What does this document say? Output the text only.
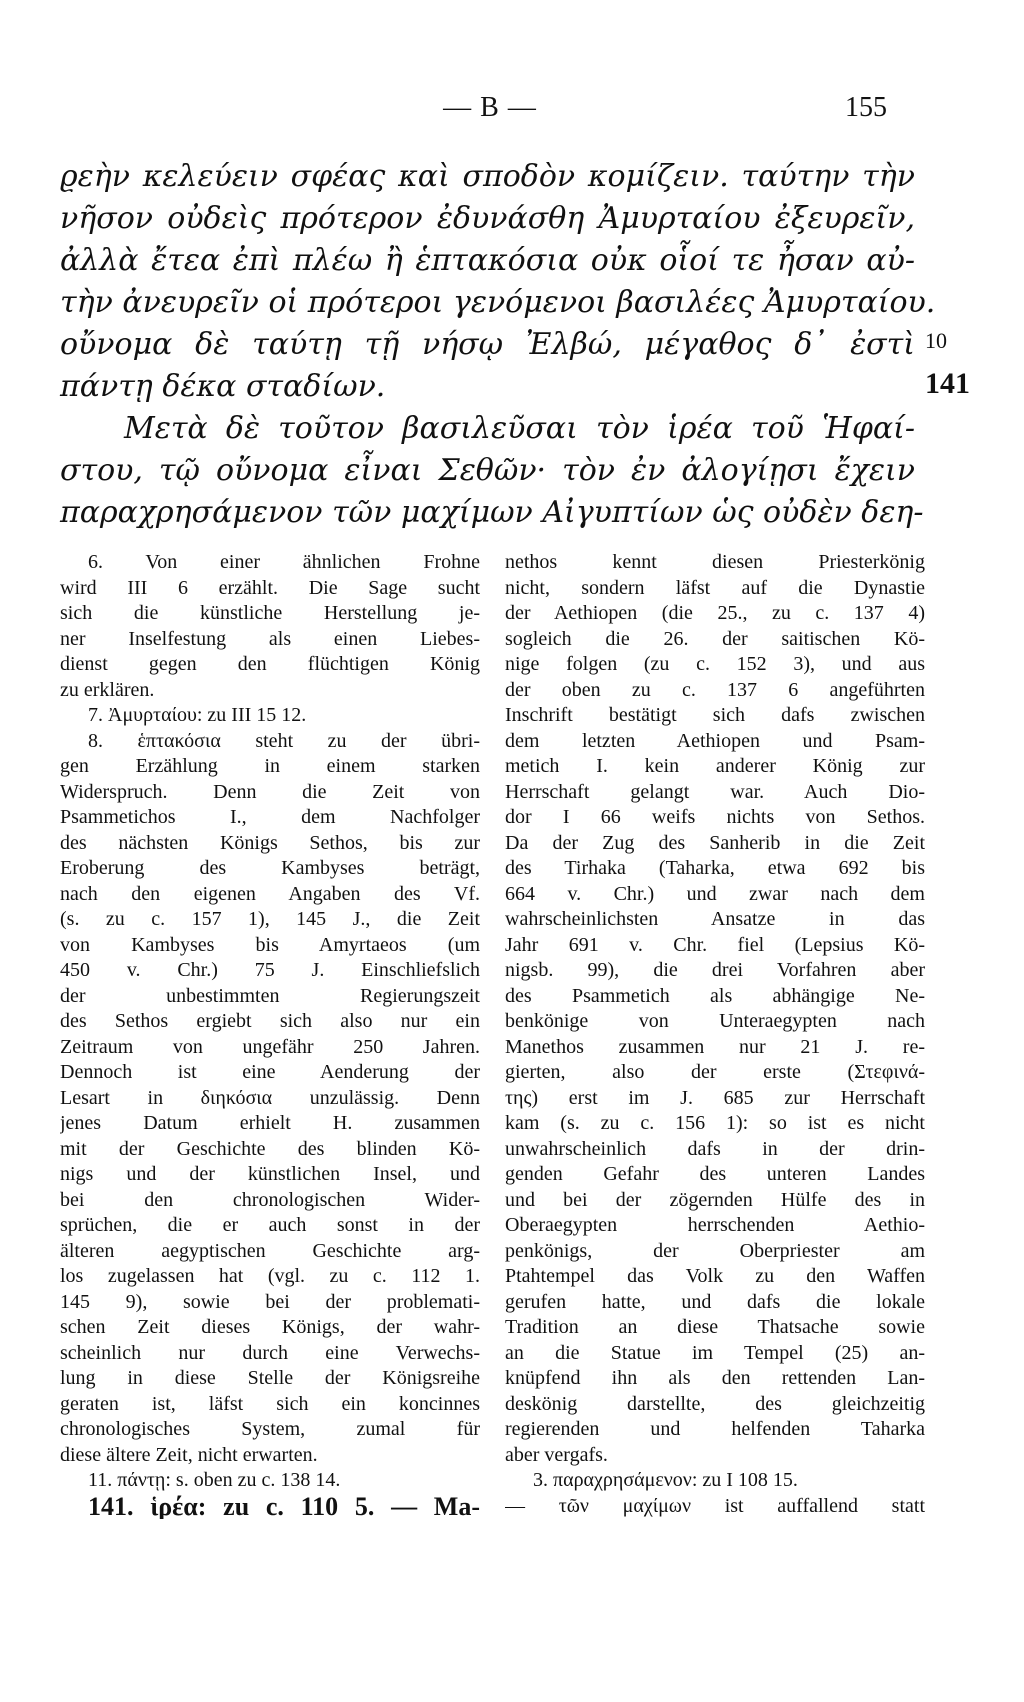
— B —	155
ϱεὴν κελεύειν σφέας καὶ σποδὸν κομίζειν. ταύτην τὴν
νῆσον οὐδεὶς πρότερον ἐδυνάσθη Ἀμυρταίου ἐξευρεῖν,
ἀλλὰ ἔτεα ἐπὶ πλέω ἢ ἑπτακόσια οὐκ οἷοί τε ἦσαν αὐ-
τὴν ἀνευρεῖν οἱ πρότεροι γενόμενοι βασιλέες Ἀμυρταίου.
οὔνομα δὲ ταύτῃ τῇ νήσῳ Ἐλβώ, μέγαθος δ᾽ ἐστὶ
πάντῃ δέκα σταδίων.
Μετὰ δὲ τοῦτον βασιλεῦσαι τὸν ἱρέα τοῦ Ἡφαί-
στου, τῷ οὔνομα εἶναι Σεθῶν· τὸν ἐν ἀλογίῃσι ἔχειν
παραχρησάμενον τῶν μαχίμων Αἰγυπτίων ὡς οὐδὲν δεη-
10
141
6. Von einer ähnlichen Frohne
wird III 6 erzählt. Die Sage sucht
sich die künstliche Herstellung je-
ner Inselfestung als einen Liebes-
dienst gegen den flüchtigen König
zu erklären.
7. Ἀμυρταίου: zu III 15 12.
8. ἑπτακόσια steht zu der übri-
gen Erzählung in einem starken
Widerspruch. Denn die Zeit von
Psammetichos I., dem Nachfolger
des nächsten Königs Sethos, bis zur
Eroberung des Kambyses beträgt,
nach den eigenen Angaben des Vf.
(s. zu c. 157 1), 145 J., die Zeit
von Kambyses bis Amyrtaeos (um
450 v. Chr.) 75 J. Einschliefslich
der unbestimmten Regierungszeit
des Sethos ergiebt sich also nur ein
Zeitraum von ungefähr 250 Jahren.
Dennoch ist eine Aenderung der
Lesart in διηκόσια unzulässig. Denn
jenes Datum erhielt H. zusammen
mit der Geschichte des blinden Kö-
nigs und der künstlichen Insel, und
bei den chronologischen Wider-
sprüchen, die er auch sonst in der
älteren aegyptischen Geschichte arg-
los zugelassen hat (vgl. zu c. 112 1.
145 9), sowie bei der problemati-
schen Zeit dieses Königs, der wahr-
scheinlich nur durch eine Verwechs-
lung in diese Stelle der Königsreihe
geraten ist, läfst sich ein koncinnes
chronologisches System, zumal für
diese ältere Zeit, nicht erwarten.
11. πάντῃ: s. oben zu c. 138 14.
141. ἱρέα: zu c. 110 5. — Ma-
nethos kennt diesen Priesterkönig
nicht, sondern läfst auf die Dynastie
der Aethiopen (die 25., zu c. 137 4)
sogleich die 26. der saitischen Kö-
nige folgen (zu c. 152 3), und aus
der oben zu c. 137 6 angeführten
Inschrift bestätigt sich dafs zwischen
dem letzten Aethiopen und Psam-
metich I. kein anderer König zur
Herrschaft gelangt war. Auch Dio-
dor I 66 weifs nichts von Sethos.
Da der Zug des Sanherib in die Zeit
des Tirhaka (Taharka, etwa 692 bis
664 v. Chr.) und zwar nach dem
wahrscheinlichsten Ansatze in das
Jahr 691 v. Chr. fiel (Lepsius Kö-
nigsb. 99), die drei Vorfahren aber
des Psammetich als abhängige Ne-
benkönige von Unteraegypten nach
Manethos zusammen nur 21 J. re-
gierten, also der erste (Στεφινά-
της) erst im J. 685 zur Herrschaft
kam (s. zu c. 156 1): so ist es nicht
unwahrscheinlich dafs in der drin-
genden Gefahr des unteren Landes
und bei der zögernden Hülfe des in
Oberaegypten herrschenden Aethio-
penkönigs, der Oberpriester am
Ptahtempel das Volk zu den Waffen
gerufen hatte, und dafs die lokale
Tradition an diese Thatsache sowie
an die Statue im Tempel (25) an-
knüpfend ihn als den rettenden Lan-
deskönig darstellte, des gleichzeitig
regierenden und helfenden Taharka
aber vergafs.
3. παραχρησάμενον: zu I 108 15.
— τῶν μαχίμων ist auffallend statt
